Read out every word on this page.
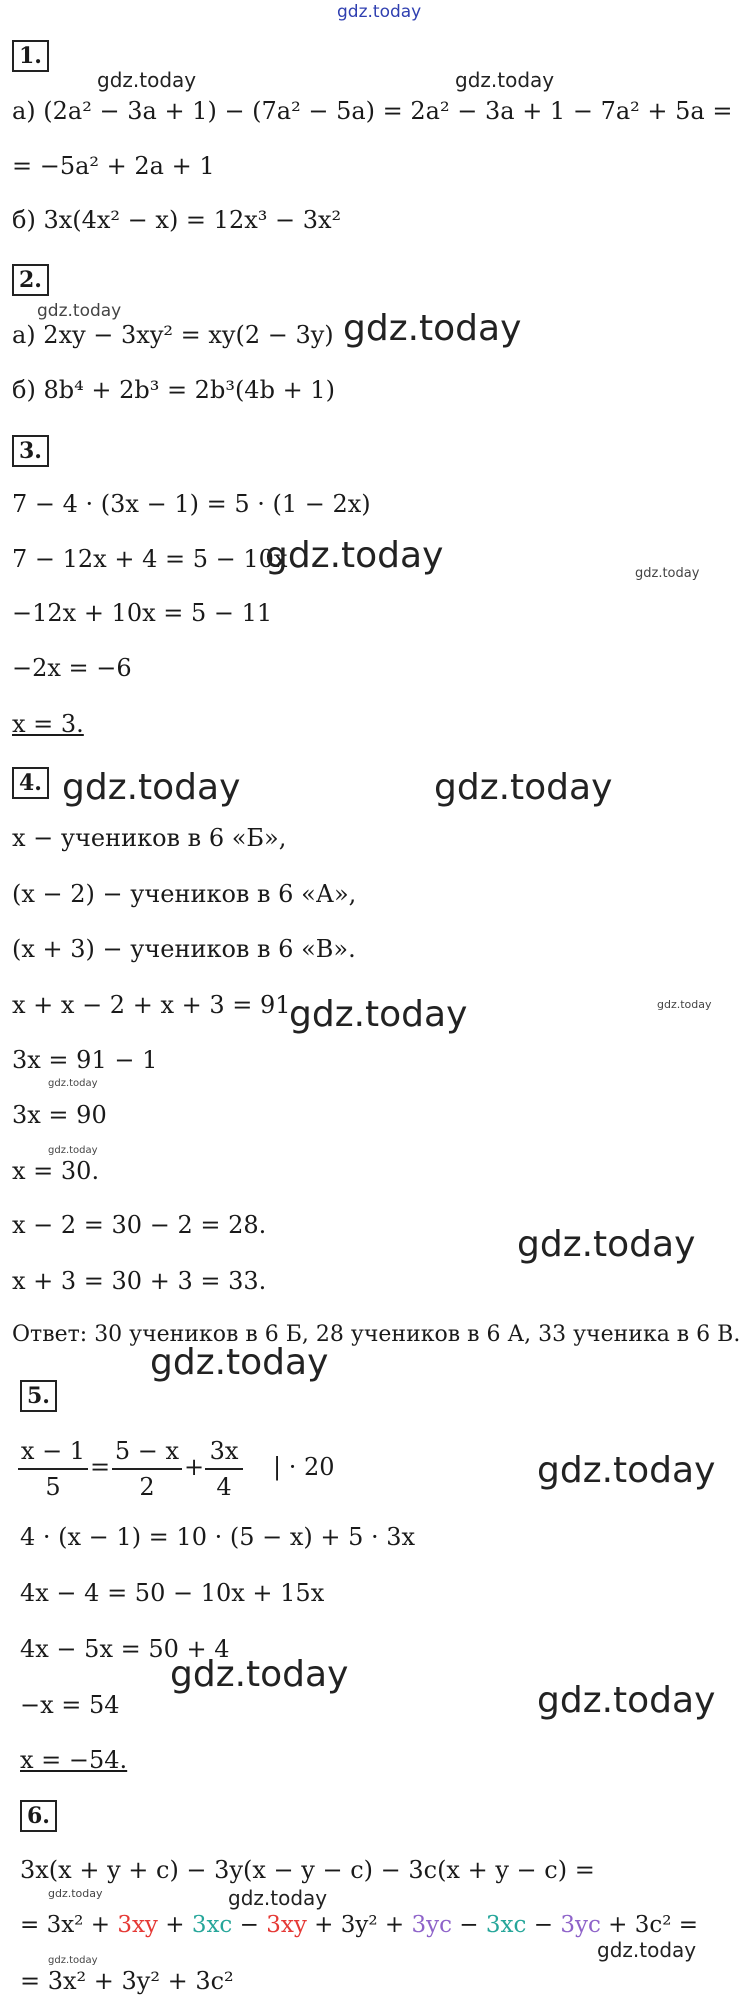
gdz.today
1.
gdz.today	gdz.today
а) (2a² − 3a + 1) − (7a² − 5a) = 2a² − 3a + 1 − 7a² + 5a =
= −5a² + 2a + 1
б) 3x(4x² − x) = 12x³ − 3x²
2.
gdz.today
а) 2xy − 3xy² = xy(2 − 3y) gdz.today
б) 8b⁴ + 2b³ = 2b³(4b + 1)
3.
7 − 4 · (3x − 1) = 5 · (1 − 2x)
7 − 12x + 4 = 5 − 10x
gdz.today	gdz.today
−12x + 10x = 5 − 11
−2x = −6
x = 3.
4. gdz.today	gdz.today
x − учеников в 6 «Б»,
(x − 2) − учеников в 6 «А»,
(x + 3) − учеников в 6 «В».
x + x − 2 + x + 3 = 91
gdz.today	gdz.today
3x = 91 − 1
gdz.today
3x = 90
gdz.today
x = 30.
x − 2 = 30 − 2 = 28.	gdz.today
x + 3 = 30 + 3 = 33.
Ответ: 30 учеников в 6 Б, 28 учеников в 6 А, 33 ученика в 6 В.
gdz.today
5.
x − 1
5
=
5 − x
2
+
3x
4
| · 20	gdz.today
4 · (x − 1) = 10 · (5 − x) + 5 · 3x
4x − 4 = 50 − 10x + 15x
4x − 5x = 50 + 4
gdz.today
−x = 54	gdz.today
x = −54.
6.
3x(x + y + c) − 3y(x − y − c) − 3c(x + y − c) =
gdz.today	gdz.today
= 3x² + 3xy + 3xc − 3xy + 3y² + 3yc − 3xc − 3yc + 3c² =
gdz.today
gdz.today
= 3x² + 3y² + 3c²
